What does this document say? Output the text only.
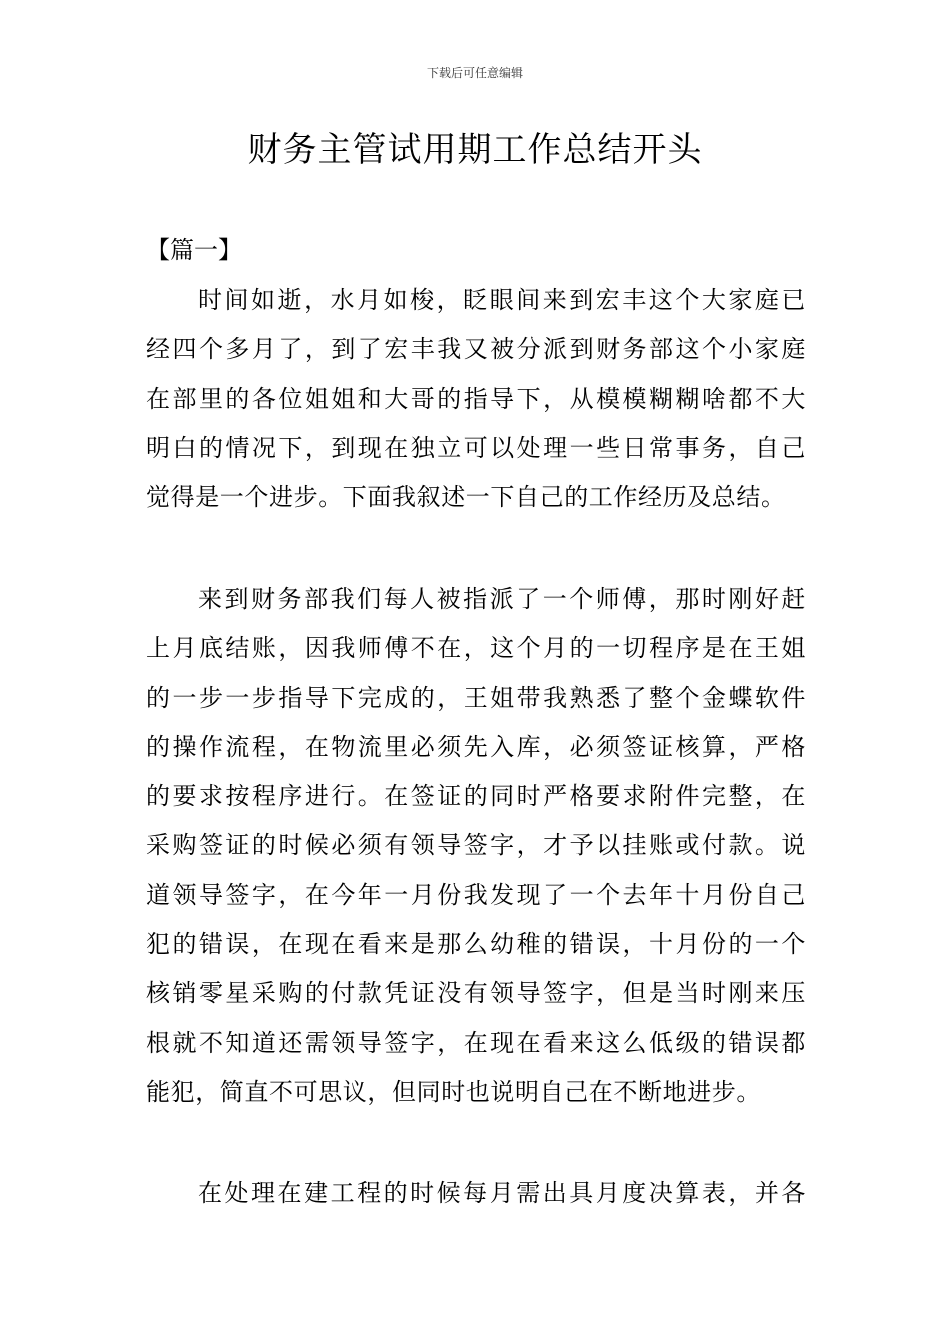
下载后可任意编辑
财务主管试用期工作总结开头
【篇一】
时间如逝，水月如梭，眨眼间来到宏丰这个大家庭已
经四个多月了，到了宏丰我又被分派到财务部这个小家庭
在部里的各位姐姐和大哥的指导下，从模模糊糊啥都不大
明白的情况下，到现在独立可以处理一些日常事务，自己
觉得是一个进步。下面我叙述一下自己的工作经历及总结。
来到财务部我们每人被指派了一个师傅，那时刚好赶
上月底结账，因我师傅不在，这个月的一切程序是在王姐
的一步一步指导下完成的，王姐带我熟悉了整个金蝶软件
的操作流程，在物流里必须先入库，必须签证核算，严格
的要求按程序进行。在签证的同时严格要求附件完整，在
采购签证的时候必须有领导签字，才予以挂账或付款。说
道领导签字，在今年一月份我发现了一个去年十月份自己
犯的错误，在现在看来是那么幼稚的错误，十月份的一个
核销零星采购的付款凭证没有领导签字，但是当时刚来压
根就不知道还需领导签字，在现在看来这么低级的错误都
能犯，简直不可思议，但同时也说明自己在不断地进步。
在处理在建工程的时候每月需出具月度决算表，并各
